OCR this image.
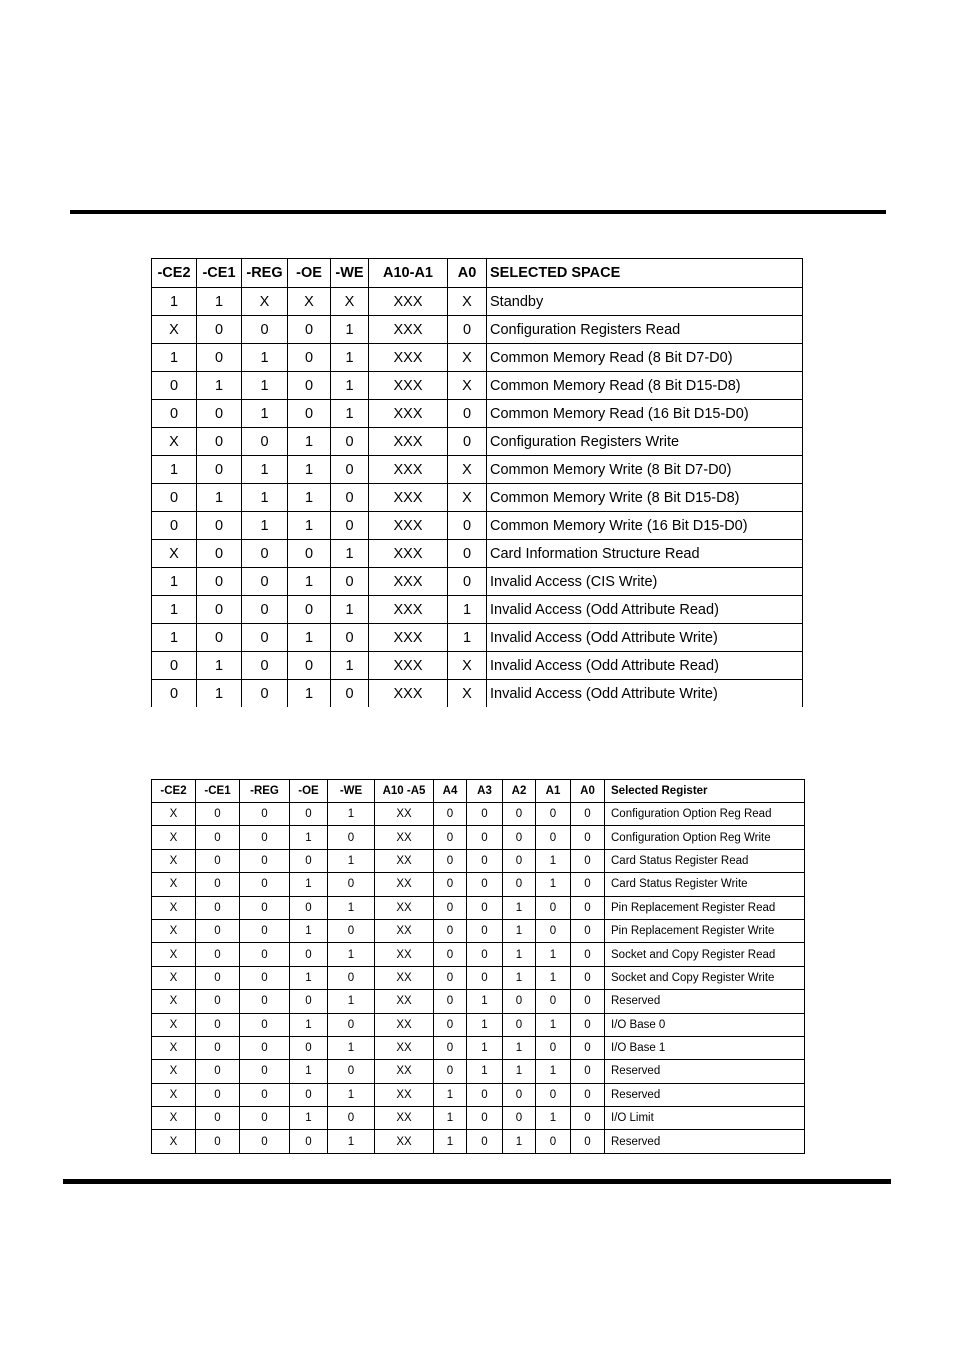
-CE2	-CE1	-REG	-OE	-WE	A10-A1	A0	SELECTED SPACE
1	1	X	X	X	XXX	X	Standby
X	0	0	0	1	XXX	0	Configuration Registers Read
1	0	1	0	1	XXX	X	Common Memory Read (8 Bit D7-D0)
0	1	1	0	1	XXX	X	Common Memory Read (8 Bit D15-D8)
0	0	1	0	1	XXX	0	Common Memory Read (16 Bit D15-D0)
X	0	0	1	0	XXX	0	Configuration Registers Write
1	0	1	1	0	XXX	X	Common Memory Write (8 Bit D7-D0)
0	1	1	1	0	XXX	X	Common Memory Write (8 Bit D15-D8)
0	0	1	1	0	XXX	0	Common Memory Write (16 Bit D15-D0)
X	0	0	0	1	XXX	0	Card Information Structure Read
1	0	0	1	0	XXX	0	Invalid Access (CIS Write)
1	0	0	0	1	XXX	1	Invalid Access (Odd Attribute Read)
1	0	0	1	0	XXX	1	Invalid Access (Odd Attribute Write)
0	1	0	0	1	XXX	X	Invalid Access (Odd Attribute Read)
0	1	0	1	0	XXX	X	Invalid Access (Odd Attribute Write)
-CE2	-CE1	-REG	-OE	-WE	A10 -A5	A4	A3	A2	A1	A0	Selected Register
X	0	0	0	1	XX	0	0	0	0	0	Configuration Option Reg Read
X	0	0	1	0	XX	0	0	0	0	0	Configuration Option Reg Write
X	0	0	0	1	XX	0	0	0	1	0	Card Status Register Read
X	0	0	1	0	XX	0	0	0	1	0	Card Status Register Write
X	0	0	0	1	XX	0	0	1	0	0	Pin Replacement Register Read
X	0	0	1	0	XX	0	0	1	0	0	Pin Replacement Register Write
X	0	0	0	1	XX	0	0	1	1	0	Socket and Copy Register Read
X	0	0	1	0	XX	0	0	1	1	0	Socket and Copy Register Write
X	0	0	0	1	XX	0	1	0	0	0	Reserved
X	0	0	1	0	XX	0	1	0	1	0	I/O Base 0
X	0	0	0	1	XX	0	1	1	0	0	I/O Base 1
X	0	0	1	0	XX	0	1	1	1	0	Reserved
X	0	0	0	1	XX	1	0	0	0	0	Reserved
X	0	0	1	0	XX	1	0	0	1	0	I/O Limit
X	0	0	0	1	XX	1	0	1	0	0	Reserved
